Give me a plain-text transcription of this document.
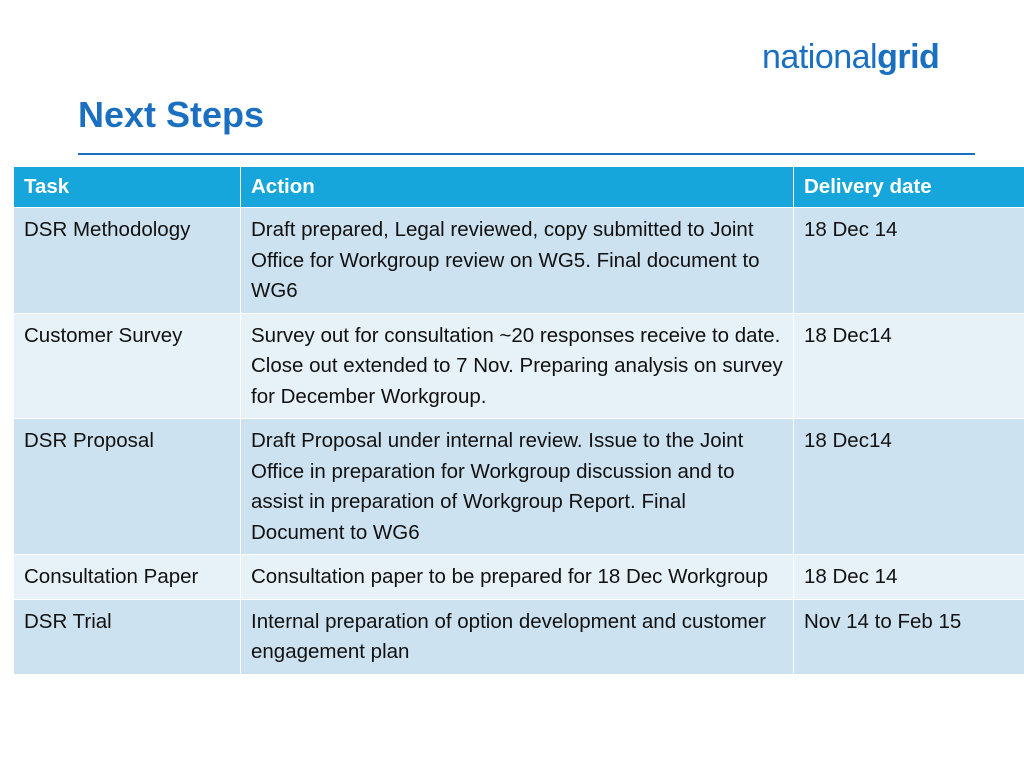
nationalgrid
Next Steps
Task	Action	Delivery date
DSR Methodology	Draft prepared, Legal reviewed, copy submitted to Joint Office for Workgroup review on WG5. Final document to WG6	18 Dec 14
Customer Survey	Survey out for consultation ~20 responses receive to date. Close out extended to 7 Nov. Preparing analysis on survey for December Workgroup.	18 Dec14
DSR Proposal	Draft Proposal under internal review. Issue to the Joint Office in preparation for Workgroup discussion and to assist in preparation of Workgroup Report. Final Document to WG6	18 Dec14
Consultation Paper	Consultation paper to be prepared for 18 Dec Workgroup	18 Dec 14
DSR Trial	Internal preparation of option development and customer engagement plan	Nov 14 to Feb 15
